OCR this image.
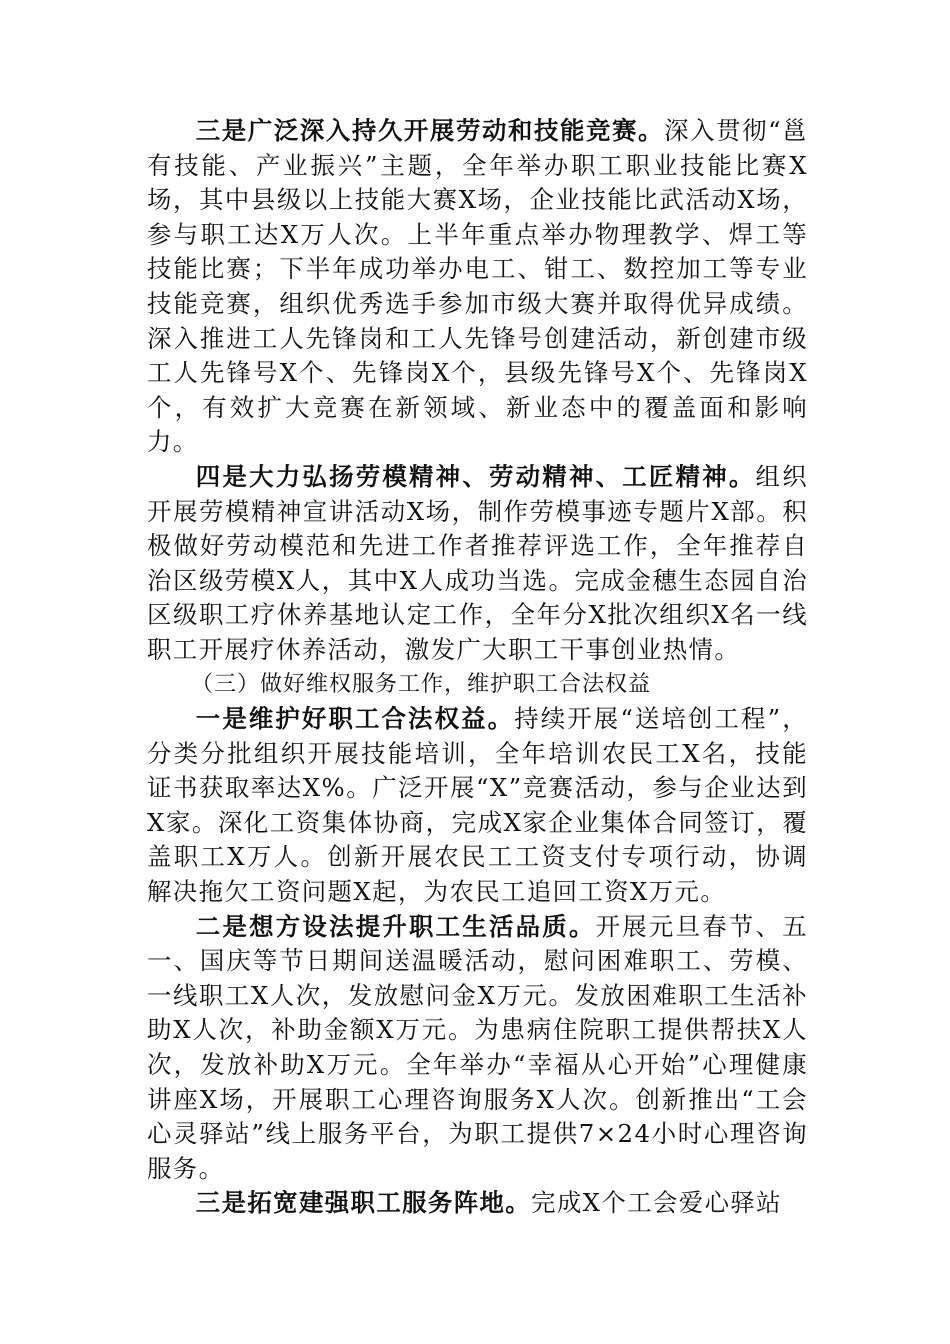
三是广泛深入持久开展劳动和技能竞赛。深入贯彻“邕有技能、产业振兴”主题，全年举办职工职业技能比赛X场，其中县级以上技能大赛X场，企业技能比武活动X场，参与职工达X万人次。上半年重点举办物理教学、焊工等技能比赛；下半年成功举办电工、钳工、数控加工等专业技能竞赛，组织优秀选手参加市级大赛并取得优异成绩。深入推进工人先锋岗和工人先锋号创建活动，新创建市级工人先锋号X个、先锋岗X个，县级先锋号X个、先锋岗X个，有效扩大竞赛在新领域、新业态中的覆盖面和影响力。

四是大力弘扬劳模精神、劳动精神、工匠精神。组织开展劳模精神宣讲活动X场，制作劳模事迹专题片X部。积极做好劳动模范和先进工作者推荐评选工作，全年推荐自治区级劳模X人，其中X人成功当选。完成金穗生态园自治区级职工疗休养基地认定工作，全年分X批次组织X名一线职工开展疗休养活动，激发广大职工干事创业热情。

（三）做好维权服务工作，维护职工合法权益

一是维护好职工合法权益。持续开展“送培创工程”，分类分批组织开展技能培训，全年培训农民工X名，技能证书获取率达X%。广泛开展“X”竞赛活动，参与企业达到X家。深化工资集体协商，完成X家企业集体合同签订，覆盖职工X万人。创新开展农民工工资支付专项行动，协调解决拖欠工资问题X起，为农民工追回工资X万元。

二是想方设法提升职工生活品质。开展元旦春节、五一、国庆等节日期间送温暖活动，慰问困难职工、劳模、一线职工X人次，发放慰问金X万元。发放困难职工生活补助X人次，补助金额X万元。为患病住院职工提供帮扶X人次，发放补助X万元。全年举办“幸福从心开始”心理健康讲座X场，开展职工心理咨询服务X人次。创新推出“工会心灵驿站”线上服务平台，为职工提供7×24小时心理咨询服务。

三是拓宽建强职工服务阵地。完成X个工会爱心驿站
